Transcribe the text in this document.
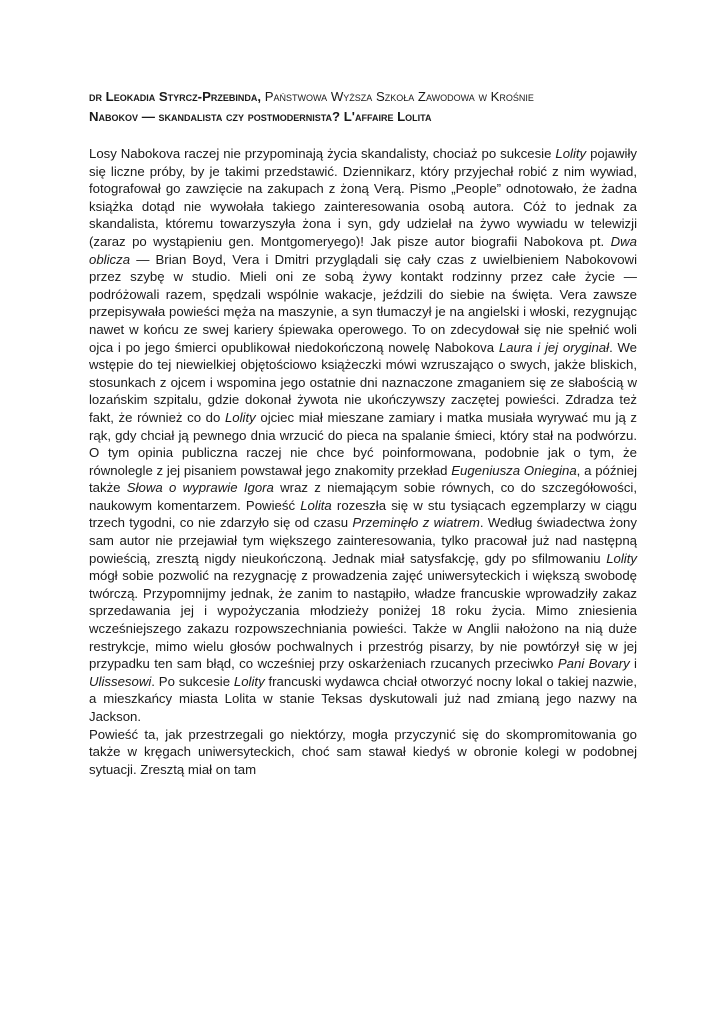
dr Leokadia Styrcz-Przebinda, Państwowa Wyższa Szkoła Zawodowa w Krośnie

Nabokov — skandalista czy postmodernista? L'affaire Lolita

Losy Nabokova raczej nie przypominają życia skandalisty, chociaż po sukcesie Lolity pojawiły się liczne próby, by je takimi przedstawić. Dziennikarz, który przyjechał robić z nim wywiad, fotografował go zawzięcie na zakupach z żoną Verą. Pismo „People” odnotowało, że żadna książka dotąd nie wywołała takiego zainteresowania osobą autora. Cóż to jednak za skandalista, któremu towarzyszyła żona i syn, gdy udzielał na żywo wywiadu w telewizji (zaraz po wystąpieniu gen. Montgomeryego)! Jak pisze autor biografii Nabokova pt. Dwa oblicza — Brian Boyd, Vera i Dmitri przyglądali się cały czas z uwielbieniem Nabokovowi przez szybę w studio. Mieli oni ze sobą żywy kontakt rodzinny przez całe życie — podróżowali razem, spędzali wspólnie wakacje, jeździli do siebie na święta. Vera zawsze przepisywała powieści męża na maszynie, a syn tłumaczył je na angielski i włoski, rezygnując nawet w końcu ze swej kariery śpiewaka operowego. To on zdecydował się nie spełnić woli ojca i po jego śmierci opublikował niedokończoną nowelę Nabokova Laura i jej oryginał. We wstępie do tej niewielkiej objętościowo książeczki mówi wzruszająco o swych, jakże bliskich, stosunkach z ojcem i wspomina jego ostatnie dni naznaczone zmaganiem się ze słabością w lozańskim szpitalu, gdzie dokonał żywota nie ukończywszy zaczętej powieści. Zdradza też fakt, że również co do Lolity ojciec miał mieszane zamiary i matka musiała wyrywać mu ją z rąk, gdy chciał ją pewnego dnia wrzucić do pieca na spalanie śmieci, który stał na podwórzu. O tym opinia publiczna raczej nie chce być poinformowana, podobnie jak o tym, że równolegle z jej pisaniem powstawał jego znakomity przekład Eugeniusza Oniegina, a później także Słowa o wyprawie Igora wraz z niemającym sobie równych, co do szczegółowości, naukowym komentarzem. Powieść Lolita rozeszła się w stu tysiącach egzemplarzy w ciągu trzech tygodni, co nie zdarzyło się od czasu Przeminęło z wiatrem. Według świadectwa żony sam autor nie przejawiał tym większego zainteresowania, tylko pracował już nad następną powieścią, zresztą nigdy nieukończoną. Jednak miał satysfakcję, gdy po sfilmowaniu Lolity mógł sobie pozwolić na rezygnację z prowadzenia zajęć uniwersyteckich i większą swobodę twórczą. Przypomnijmy jednak, że zanim to nastąpiło, władze francuskie wprowadziły zakaz sprzedawania jej i wypożyczania młodzieży poniżej 18 roku życia. Mimo zniesienia wcześniejszego zakazu rozpowszechniania powieści. Także w Anglii nałożono na nią duże restrykcje, mimo wielu głosów pochwalnych i przestróg pisarzy, by nie powtórzył się w jej przypadku ten sam błąd, co wcześniej przy oskarżeniach rzucanych przeciwko Pani Bovary i Ulissesowi. Po sukcesie Lolity francuski wydawca chciał otworzyć nocny lokal o takiej nazwie, a mieszkańcy miasta Lolita w stanie Teksas dyskutowali już nad zmianą jego nazwy na Jackson.

Powieść ta, jak przestrzegali go niektórzy, mogła przyczynić się do skompromitowania go także w kręgach uniwersyteckich, choć sam stawał kiedyś w obronie kolegi w podobnej sytuacji. Zresztą miał on tam
